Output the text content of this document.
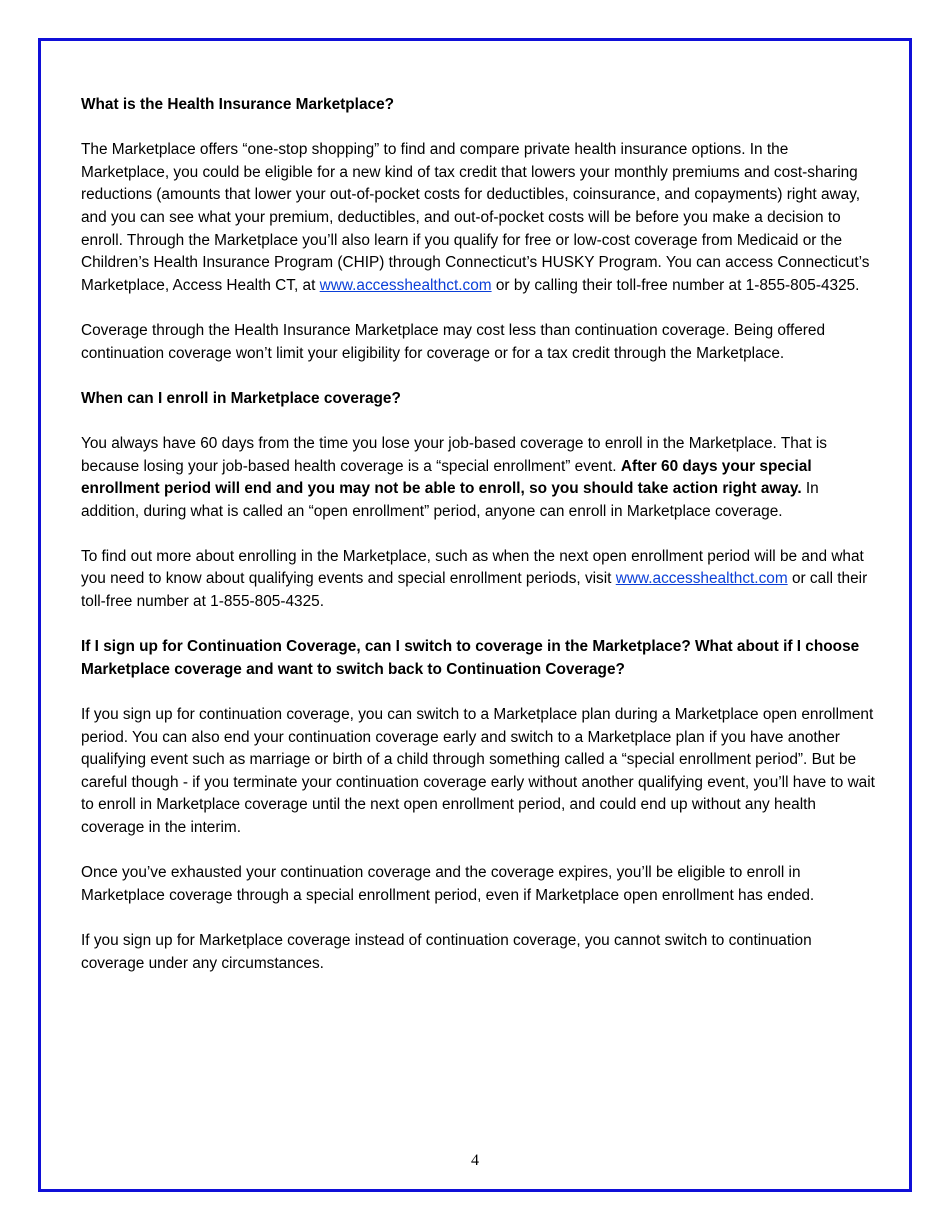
What is the Health Insurance Marketplace?

The Marketplace offers “one-stop shopping” to find and compare private health insurance options. In the Marketplace, you could be eligible for a new kind of tax credit that lowers your monthly premiums and cost-sharing reductions (amounts that lower your out-of-pocket costs for deductibles, coinsurance, and copayments) right away, and you can see what your premium, deductibles, and out-of-pocket costs will be before you make a decision to enroll. Through the Marketplace you’ll also learn if you qualify for free or low-cost coverage from Medicaid or the Children’s Health Insurance Program (CHIP) through Connecticut’s HUSKY Program. You can access Connecticut’s Marketplace, Access Health CT, at www.accesshealthct.com or by calling their toll-free number at 1-855-805-4325.

Coverage through the Health Insurance Marketplace may cost less than continuation coverage. Being offered continuation coverage won’t limit your eligibility for coverage or for a tax credit through the Marketplace.

When can I enroll in Marketplace coverage?

You always have 60 days from the time you lose your job-based coverage to enroll in the Marketplace. That is because losing your job-based health coverage is a “special enrollment” event. After 60 days your special enrollment period will end and you may not be able to enroll, so you should take action right away. In addition, during what is called an “open enrollment” period, anyone can enroll in Marketplace coverage.

To find out more about enrolling in the Marketplace, such as when the next open enrollment period will be and what you need to know about qualifying events and special enrollment periods, visit www.accesshealthct.com or call their toll-free number at 1-855-805-4325.

If I sign up for Continuation Coverage, can I switch to coverage in the Marketplace? What about if I choose Marketplace coverage and want to switch back to Continuation Coverage?

If you sign up for continuation coverage, you can switch to a Marketplace plan during a Marketplace open enrollment period. You can also end your continuation coverage early and switch to a Marketplace plan if you have another qualifying event such as marriage or birth of a child through something called a “special enrollment period”. But be careful though - if you terminate your continuation coverage early without another qualifying event, you’ll have to wait to enroll in Marketplace coverage until the next open enrollment period, and could end up without any health coverage in the interim.

Once you’ve exhausted your continuation coverage and the coverage expires, you’ll be eligible to enroll in Marketplace coverage through a special enrollment period, even if Marketplace open enrollment has ended.

If you sign up for Marketplace coverage instead of continuation coverage, you cannot switch to continuation coverage under any circumstances.

4
